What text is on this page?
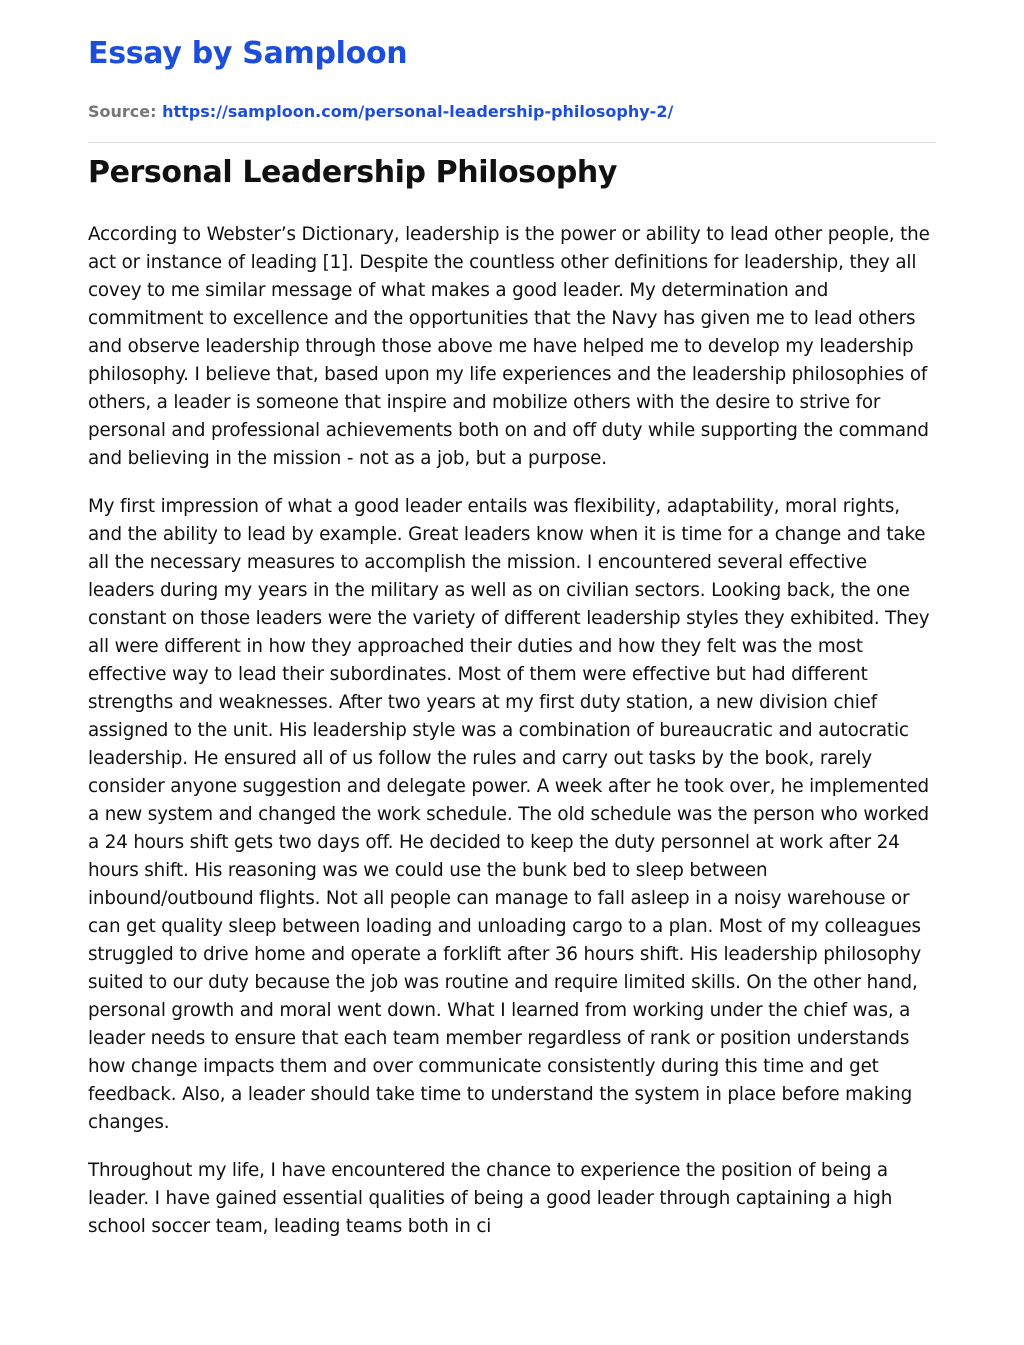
Essay by Samploon
Source: https://samploon.com/personal-leadership-philosophy-2/
Personal Leadership Philosophy

According to Webster’s Dictionary, leadership is the power or ability to lead other people, the act or instance of leading [1]. Despite the countless other definitions for leadership, they all covey to me similar message of what makes a good leader. My determination and commitment to excellence and the opportunities that the Navy has given me to lead others and observe leadership through those above me have helped me to develop my leadership philosophy. I believe that, based upon my life experiences and the leadership philosophies of others, a leader is someone that inspire and mobilize others with the desire to strive for personal and professional achievements both on and off duty while supporting the command and believing in the mission - not as a job, but a purpose.

My first impression of what a good leader entails was flexibility, adaptability, moral rights, and the ability to lead by example. Great leaders know when it is time for a change and take all the necessary measures to accomplish the mission. I encountered several effective leaders during my years in the military as well as on civilian sectors. Looking back, the one constant on those leaders were the variety of different leadership styles they exhibited. They all were different in how they approached their duties and how they felt was the most effective way to lead their subordinates. Most of them were effective but had different strengths and weaknesses. After two years at my first duty station, a new division chief assigned to the unit. His leadership style was a combination of bureaucratic and autocratic leadership. He ensured all of us follow the rules and carry out tasks by the book, rarely consider anyone suggestion and delegate power. A week after he took over, he implemented a new system and changed the work schedule. The old schedule was the person who worked a 24 hours shift gets two days off. He decided to keep the duty personnel at work after 24 hours shift. His reasoning was we could use the bunk bed to sleep between inbound/outbound flights. Not all people can manage to fall asleep in a noisy warehouse or can get quality sleep between loading and unloading cargo to a plan. Most of my colleagues struggled to drive home and operate a forklift after 36 hours shift. His leadership philosophy suited to our duty because the job was routine and require limited skills. On the other hand, personal growth and moral went down. What I learned from working under the chief was, a leader needs to ensure that each team member regardless of rank or position understands how change impacts them and over communicate consistently during this time and get feedback. Also, a leader should take time to understand the system in place before making changes.

Throughout my life, I have encountered the chance to experience the position of being a leader. I have gained essential qualities of being a good leader through captaining a high school soccer team, leading teams both in ci
